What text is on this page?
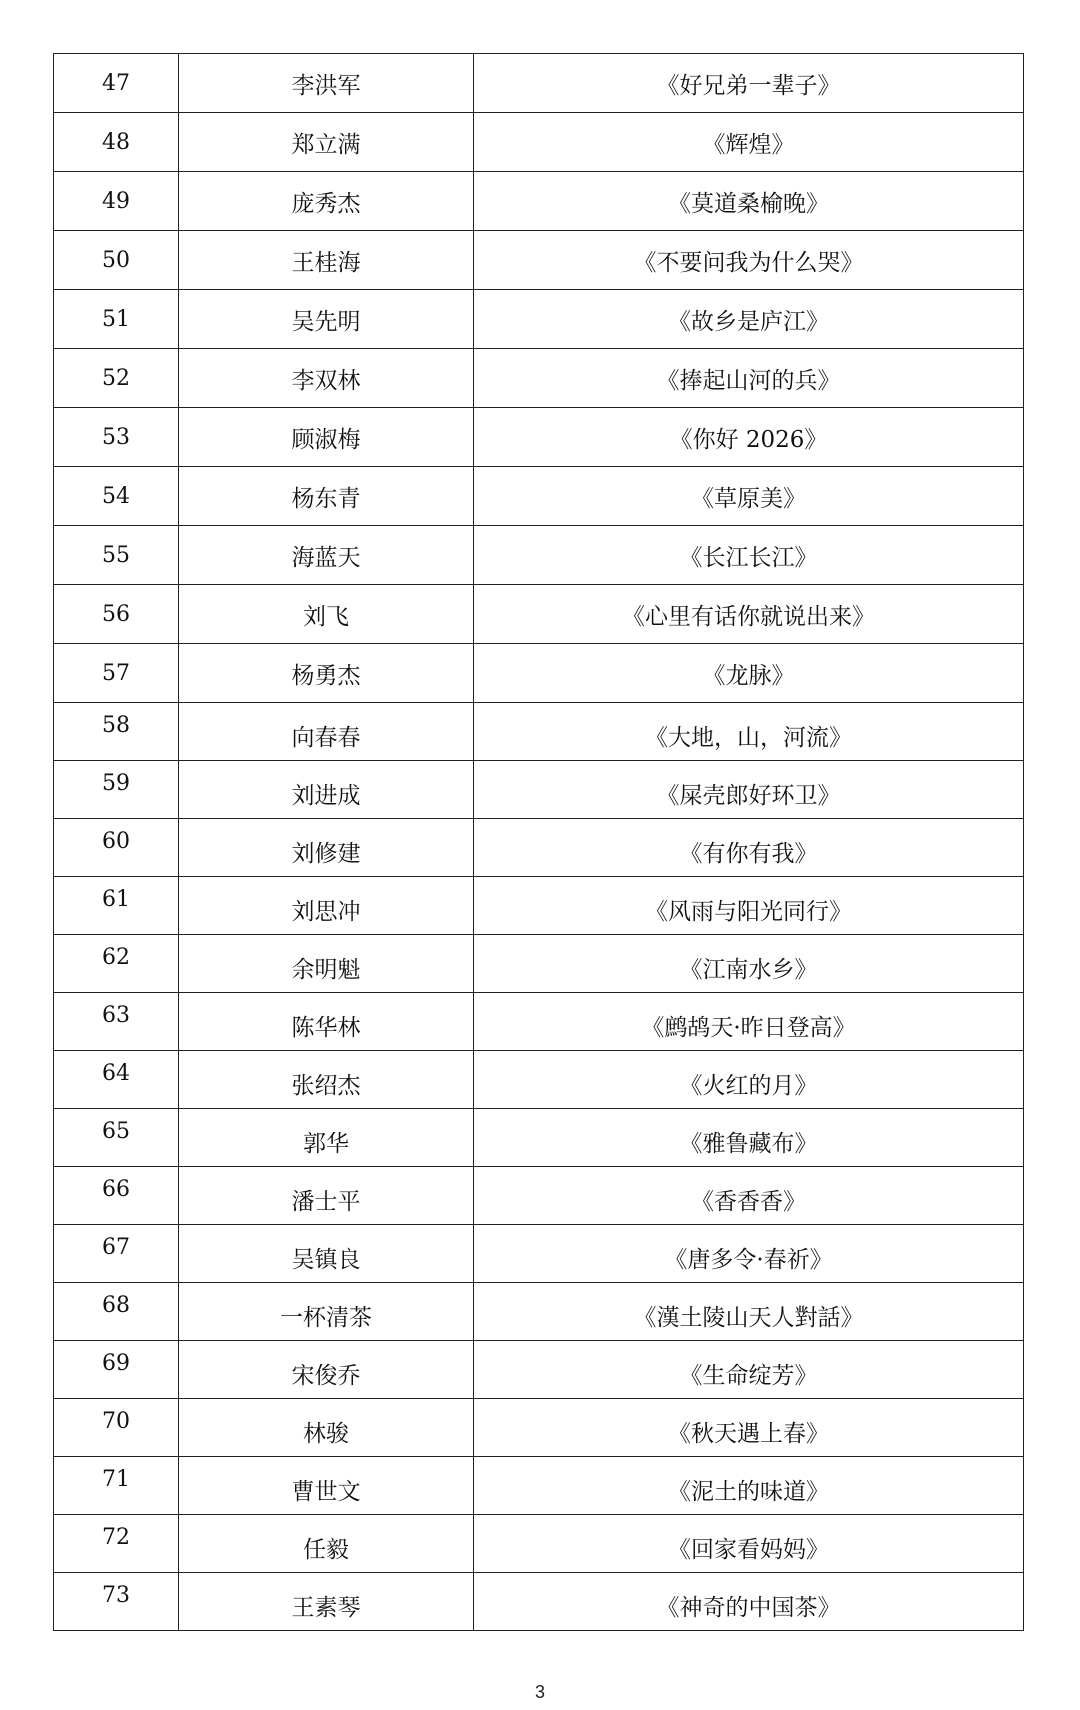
47	李洪军	《好兄弟一辈子》
48	郑立满	《辉煌》
49	庞秀杰	《莫道桑榆晚》
50	王桂海	《不要问我为什么哭》
51	吴先明	《故乡是庐江》
52	李双林	《捧起山河的兵》
53	顾淑梅	《你好 2026》
54	杨东青	《草原美》
55	海蓝天	《长江长江》
56	刘飞	《心里有话你就说出来》
57	杨勇杰	《龙脉》
58	向春春	《大地，山，河流》
59	刘进成	《屎壳郎好环卫》
60	刘修建	《有你有我》
61	刘思冲	《风雨与阳光同行》
62	余明魁	《江南水乡》
63	陈华林	《鹧鸪天·昨日登高》
64	张绍杰	《火红的月》
65	郭华	《雅鲁藏布》
66	潘士平	《香香香》
67	吴镇良	《唐多令·春祈》
68	一杯清茶	《漢土陵山天人對話》
69	宋俊乔	《生命绽芳》
70	林骏	《秋天遇上春》
71	曹世文	《泥土的味道》
72	任毅	《回家看妈妈》
73	王素琴	《神奇的中国茶》
3
